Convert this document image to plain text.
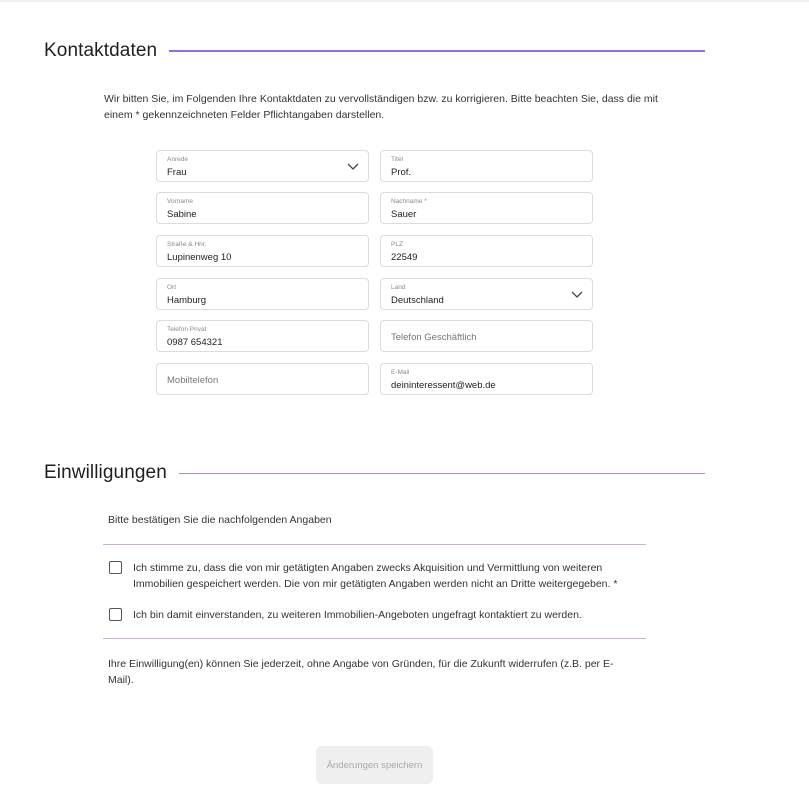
Kontaktdaten

Wir bitten Sie, im Folgenden Ihre Kontaktdaten zu vervollständigen bzw. zu korrigieren. Bitte beachten Sie, dass die mit einem * gekennzeichneten Felder Pflichtangaben darstellen.

Anrede
Frau
Titel
Prof.
Vorname
Sabine
Nachname *
Sauer
Straße & Hnr.
Lupinenweg 10
PLZ
22549
Ort
Hamburg
Land
Deutschland
Telefon Privat
0987 654321	Telefon Geschäftlich
Mobiltelefon
E-Mail
deininteressent@web.de
Einwilligungen

Bitte bestätigen Sie die nachfolgenden Angaben

Ich stimme zu, dass die von mir getätigten Angaben zwecks Akquisition und Vermittlung von weiteren Immobilien gespeichert werden. Die von mir getätigten Angaben werden nicht an Dritte weitergegeben. *
Ich bin damit einverstanden, zu weiteren Immobilien-Angeboten ungefragt kontaktiert zu werden.

Ihre Einwilligung(en) können Sie jederzeit, ohne Angabe von Gründen, für die Zukunft widerrufen (z.B. per E-Mail).

Änderungen speichern
